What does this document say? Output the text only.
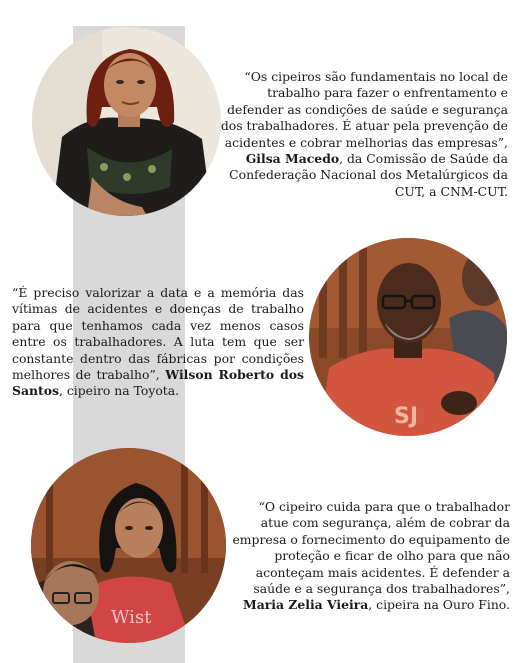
“Os cipeiros são fundamentais no local de trabalho para fazer o enfrentamento e defender as condições de saúde e segurança dos trabalhadores. É atuar pela prevenção de acidentes e cobrar melhorias das empresas”, Gilsa Macedo, da Comissão de Saúde da Confederação Nacional dos Metalúrgicos da CUT, a CNM-CUT.

SJ

“É preciso valorizar a data e a memória das vítimas de acidentes e doenças de trabalho para que tenhamos cada vez menos casos entre os trabalhadores. A luta tem que ser constante dentro das fábricas por condições melhores de trabalho”, Wilson Roberto dos Santos, cipeiro na Toyota.

Wist

“O cipeiro cuida para que o trabalhador atue com segurança, além de cobrar da empresa o fornecimento do equipamento de proteção e ficar de olho para que não aconteçam mais acidentes. É defender a saúde e a segurança dos trabalhadores”, Maria Zelia Vieira, cipeira na Ouro Fino.
